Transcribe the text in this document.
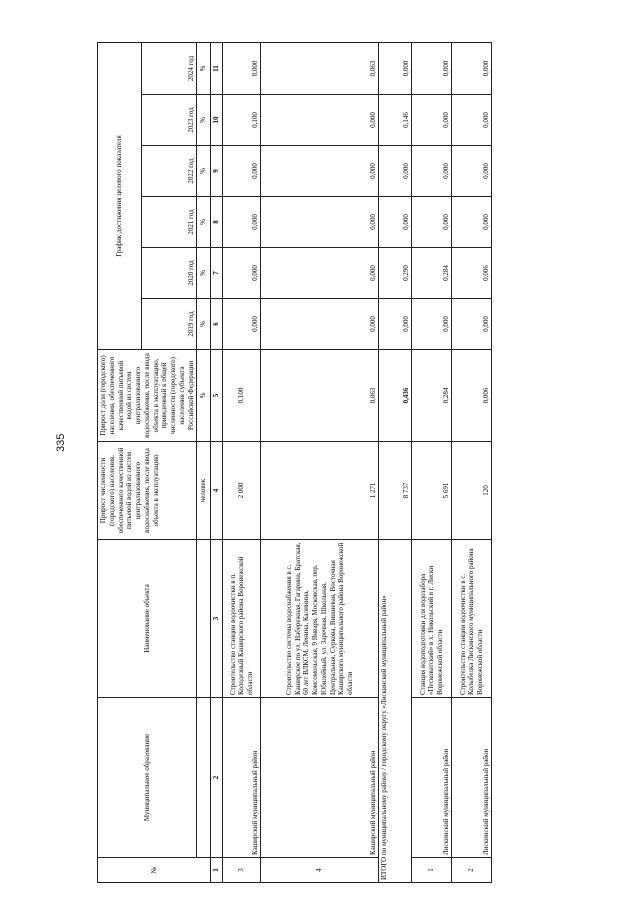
335
№	Муниципальное образование	Наименование объекта	Прирост численности (городского) населения, обеспеченного качественной питьевой водой из систем централизованного водоснабжения, после ввода объекта в эксплуатацию	Прирост доли (городского) населения, обеспеченного качественной питьевой водой из систем централизованного водоснабжения, после ввода объекта в эксплуатацию, приведенный к общей численности (городского) населения субъекта Российской Федерации	График достижения целевого показателя					
					2019 год	2020 год	2021 год	2022 год	2023 год	2024 год
			человек	%	%	%	%	%	%	%
1	2	3	4	5	6	7	8	9	10	11
3	Каширский муниципальный район	Строительство станции водоочистки в п. Колодезный Каширского района Воронежской области	2 000	0,100	0,000	0,000	0,000	0,000	0,100	0,000
4	Каширский муниципальный район	Строительство системы водоснабжения в с. Каширское по ул. Набережная, Гагарина, Братская, 60 лет ВЛКСМ, Ленина, Калинина, Комсомольская, 9 Января, Московская, пер. Юбилейный, ул. Заречная, Школьная, Центральная, Суркова, Вишневая, Восточная Каширского муниципального района Воронежской области	1 271	0,063	0,000	0,000	0,000	0,000	0,000	0,063
ИТОГО по муниципальному району / городскому округу «Лискинский муниципальный район»			8 737	0,436	0,000	0,290	0,000	0,000	0,146	0,000
1	Лискинский муниципальный район	Станция водоподготовки для водозабора «Песковатский» в х. Никольский в г. Лиски Воронежской области	5 691	0,284	0,000	0,284	0,000	0,000	0,000	0,000
2	Лискинский муниципальный район	Строительство станции водоочистки в с. Колыбелка Лискинского муниципального района Воронежской области	120	0,006	0,000	0,006	0,000	0,000	0,000	0,000
